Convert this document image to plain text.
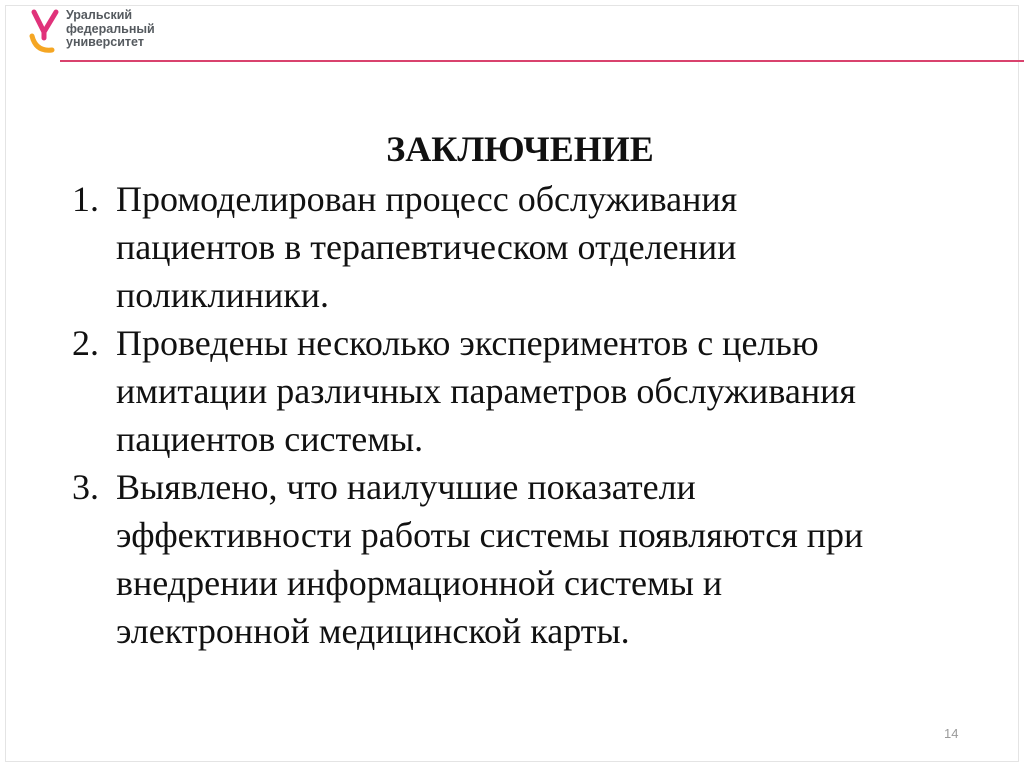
Уральский
федеральный
университет
ЗАКЛЮЧЕНИЕ
1. Промоделирован процесс обслуживания
пациентов в терапевтическом отделении
поликлиники.
2. Проведены несколько экспериментов с целью
имитации различных параметров обслуживания
пациентов системы.
3. Выявлено, что наилучшие показатели
эффективности работы системы появляются при
внедрении информационной системы и
электронной медицинской карты.
14
